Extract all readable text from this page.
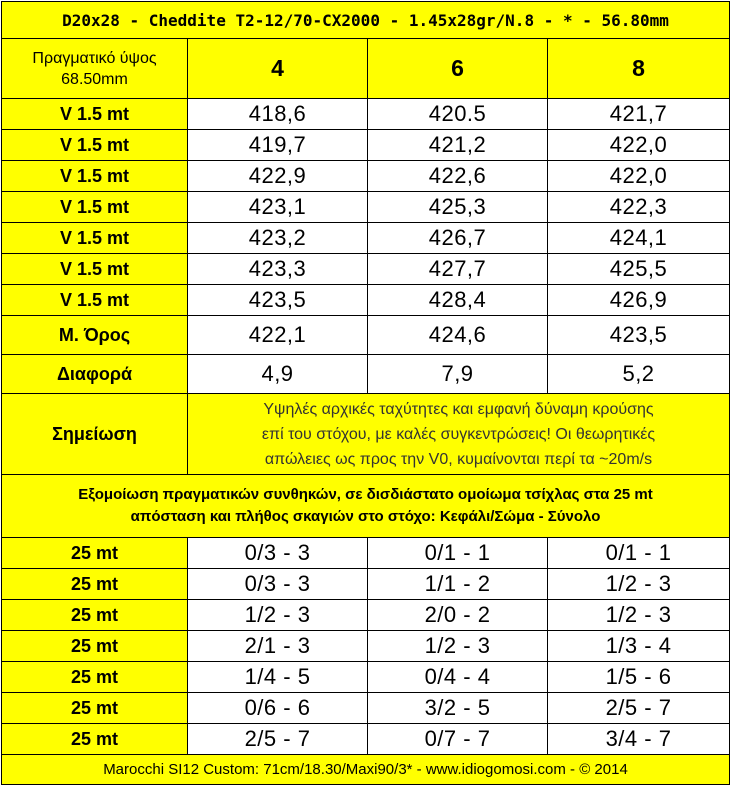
D20x28 - Cheddite T2-12/70-CX2000 - 1.45x28gr/N.8 - * - 56.80mm			
Πραγματικό ύψος
68.50mm	4	6	8
V 1.5 mt	418,6	420.5	421,7
V 1.5 mt	419,7	421,2	422,0
V 1.5 mt	422,9	422,6	422,0
V 1.5 mt	423,1	425,3	422,3
V 1.5 mt	423,2	426,7	424,1
V 1.5 mt	423,3	427,7	425,5
V 1.5 mt	423,5	428,4	426,9
Μ. Όρος	422,1	424,6	423,5
Διαφορά	4,9	7,9	5,2
Σημείωση	Υψηλές αρχικές ταχύτητες και εμφανή δύναμη κρούσης
επί του στόχου, με καλές συγκεντρώσεις! Οι θεωρητικές
απώλειες ως προς την V0, κυμαίνονται περί τα ~20m/s		
Εξομοίωση πραγματικών συνθηκών, σε δισδιάστατο ομοίωμα τσίχλας στα 25 mt
απόσταση και πλήθος σκαγιών στο στόχο: Κεφάλι/Σώμα - Σύνολο			
25 mt	0/3 - 3	0/1 - 1	0/1 - 1
25 mt	0/3 - 3	1/1 - 2	1/2 - 3
25 mt	1/2 - 3	2/0 - 2	1/2 - 3
25 mt	2/1 - 3	1/2 - 3	1/3 - 4
25 mt	1/4 - 5	0/4 - 4	1/5 - 6
25 mt	0/6 - 6	3/2 - 5	2/5 - 7
25 mt	2/5 - 7	0/7 - 7	3/4 - 7
Marocchi SI12 Custom: 71cm/18.30/Maxi90/3* - www.idiogomosi.com - © 2014			
